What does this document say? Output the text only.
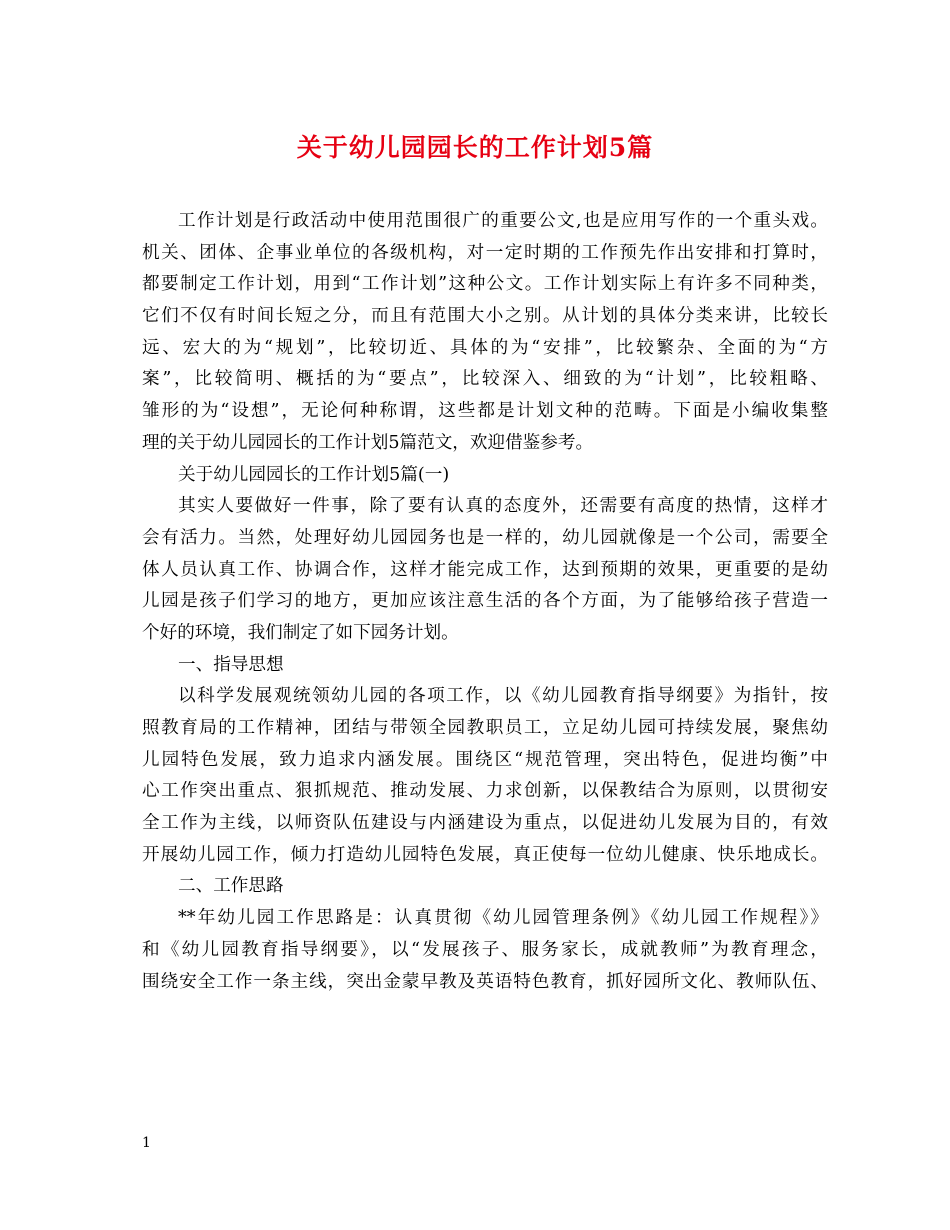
关于幼儿园园长的工作计划5篇
工作计划是行政活动中使用范围很广的重要公文,也是应用写作的一个重头戏。
机关、团体、企事业单位的各级机构，对一定时期的工作预先作出安排和打算时，
都要制定工作计划，用到“工作计划”这种公文。工作计划实际上有许多不同种类，
它们不仅有时间长短之分，而且有范围大小之别。从计划的具体分类来讲，比较长
远、宏大的为“规划”，比较切近、具体的为“安排”，比较繁杂、全面的为“方
案”，比较简明、概括的为“要点”，比较深入、细致的为“计划”，比较粗略、
雏形的为“设想”，无论何种称谓，这些都是计划文种的范畴。下面是小编收集整
理的关于幼儿园园长的工作计划5篇范文，欢迎借鉴参考。
关于幼儿园园长的工作计划5篇(一)
其实人要做好一件事，除了要有认真的态度外，还需要有高度的热情，这样才
会有活力。当然，处理好幼儿园园务也是一样的，幼儿园就像是一个公司，需要全
体人员认真工作、协调合作，这样才能完成工作，达到预期的效果，更重要的是幼
儿园是孩子们学习的地方，更加应该注意生活的各个方面，为了能够给孩子营造一
个好的环境，我们制定了如下园务计划。
一、指导思想
以科学发展观统领幼儿园的各项工作，以《幼儿园教育指导纲要》为指针，按
照教育局的工作精神，团结与带领全园教职员工，立足幼儿园可持续发展，聚焦幼
儿园特色发展，致力追求内涵发展。围绕区“规范管理，突出特色，促进均衡”中
心工作突出重点、狠抓规范、推动发展、力求创新，以保教结合为原则，以贯彻安
全工作为主线，以师资队伍建设与内涵建设为重点，以促进幼儿发展为目的，有效
开展幼儿园工作，倾力打造幼儿园特色发展，真正使每一位幼儿健康、快乐地成长。
二、工作思路
**年幼儿园工作思路是：认真贯彻《幼儿园管理条例》《幼儿园工作规程》》
和《幼儿园教育指导纲要》，以“发展孩子、服务家长，成就教师”为教育理念，
围绕安全工作一条主线，突出金蒙早教及英语特色教育，抓好园所文化、教师队伍、
1
